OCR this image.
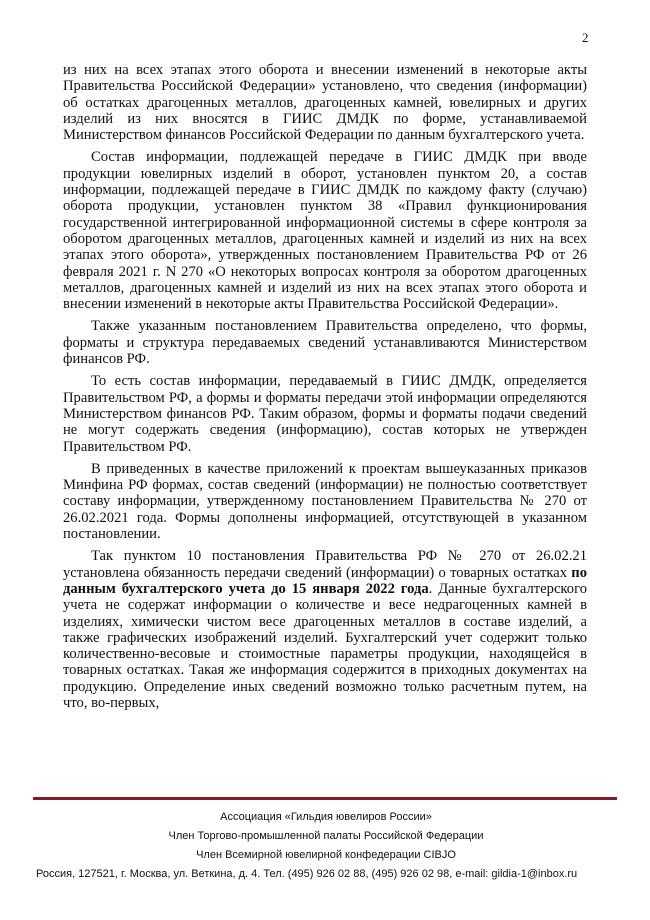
2

из них на всех этапах этого оборота и внесении изменений в некоторые акты Правительства Российской Федерации» установлено, что сведения (информации) об остатках драгоценных металлов, драгоценных камней, ювелирных и других изделий из них вносятся в ГИИС ДМДК по форме, устанавливаемой Министерством финансов Российской Федерации по данным бухгалтерского учета.

Состав информации, подлежащей передаче в ГИИС ДМДК при вводе продукции ювелирных изделий в оборот, установлен пунктом 20, а состав информации, подлежащей передаче в ГИИС ДМДК по каждому факту (случаю) оборота продукции, установлен пунктом 38 «Правил функционирования государственной интегрированной информационной системы в сфере контроля за оборотом драгоценных металлов, драгоценных камней и изделий из них на всех этапах этого оборота», утвержденных постановлением Правительства РФ от 26 февраля 2021 г. N 270 «О некоторых вопросах контроля за оборотом драгоценных металлов, драгоценных камней и изделий из них на всех этапах этого оборота и внесении изменений в некоторые акты Правительства Российской Федерации».

Также указанным постановлением Правительства определено, что формы, форматы и структура передаваемых сведений устанавливаются Министерством финансов РФ.

То есть состав информации, передаваемый в ГИИС ДМДК, определяется Правительством РФ, а формы и форматы передачи этой информации определяются Министерством финансов РФ. Таким образом, формы и форматы подачи сведений не могут содержать сведения (информацию), состав которых не утвержден Правительством РФ.

В приведенных в качестве приложений к проектам вышеуказанных приказов Минфина РФ формах, состав сведений (информации) не полностью соответствует составу информации, утвержденному постановлением Правительства № 270 от 26.02.2021 года. Формы дополнены информацией, отсутствующей в указанном постановлении.

Так пунктом 10 постановления Правительства РФ № 270 от 26.02.21 установлена обязанность передачи сведений (информации) о товарных остатках по данным бухгалтерского учета до 15 января 2022 года. Данные бухгалтерского учета не содержат информации о количестве и весе недрагоценных камней в изделиях, химически чистом весе драгоценных металлов в составе изделий, а также графических изображений изделий. Бухгалтерский учет содержит только количественно-весовые и стоимостные параметры продукции, находящейся в товарных остатках. Такая же информация содержится в приходных документах на продукцию. Определение иных сведений возможно только расчетным путем, на что, во-первых,

Ассоциация «Гильдия ювелиров России»
Член Торгово-промышленной палаты Российской Федерации
Член Всемирной ювелирной конфедерации CIBJO
Россия, 127521, г. Москва, ул. Веткина, д. 4. Тел. (495) 926 02 88, (495) 926 02 98, e-mail: gildia-1@inbox.ru
